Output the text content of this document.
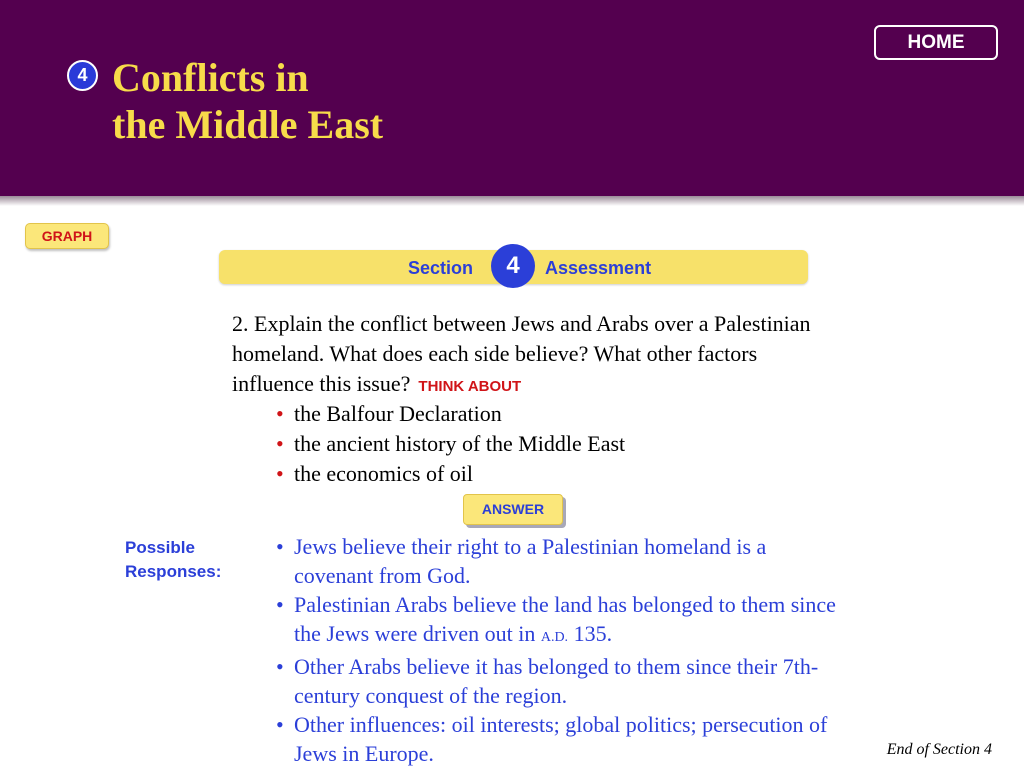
4 Conflicts in
the Middle East
HOME
GRAPH
Section	4	Assessment
2. Explain the conflict between Jews and Arabs over a Palestinian homeland. What does each side believe? What other factors influence this issue? THINK ABOUT
• the Balfour Declaration
• the ancient history of the Middle East
• the economics of oil
ANSWER
Possible
Responses:
• Jews believe their right to a Palestinian homeland is a covenant from God.
• Palestinian Arabs believe the land has belonged to them since the Jews were driven out in A.D. 135.
• Other Arabs believe it has belonged to them since their 7th-century conquest of the region.
• Other influences: oil interests; global politics; persecution of Jews in Europe.	End of Section 4
